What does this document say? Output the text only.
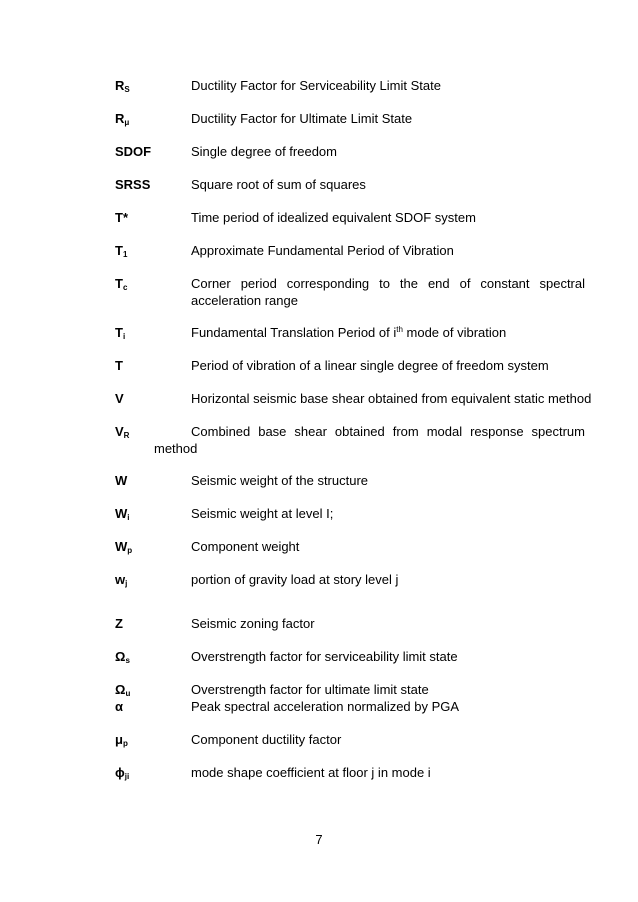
$R_S$	Ductility Factor for Serviceability Limit State
$R_\mu$	Ductility Factor for Ultimate Limit State
SDOF	Single degree of freedom
SRSS	Square root of sum of squares
T*	Time period of idealized equivalent SDOF system
$T_1$	Approximate Fundamental Period of Vibration
$T_c$	Corner period corresponding to the end of constant spectral acceleration range
$T_i$	Fundamental Translation Period of $i^{th}$ mode of vibration
T	Period of vibration of a linear single degree of freedom system
V	Horizontal seismic base shear obtained from equivalent static method
$V_R$	Combined base shear obtained from modal response spectrum
method
W	Seismic weight of the structure
$W_i$	Seismic weight at level I;
$W_p$	Component weight
$w_j$	portion of gravity load at story level j
Z	Seismic zoning factor
$\Omega_s$	Overstrength factor for serviceability limit state
$\Omega_u$	Overstrength factor for ultimate limit state
α	Peak spectral acceleration normalized by PGA
$\mu_p$	Component ductility factor
$\phi_{ji}$	mode shape coefficient at floor j in mode i
7
